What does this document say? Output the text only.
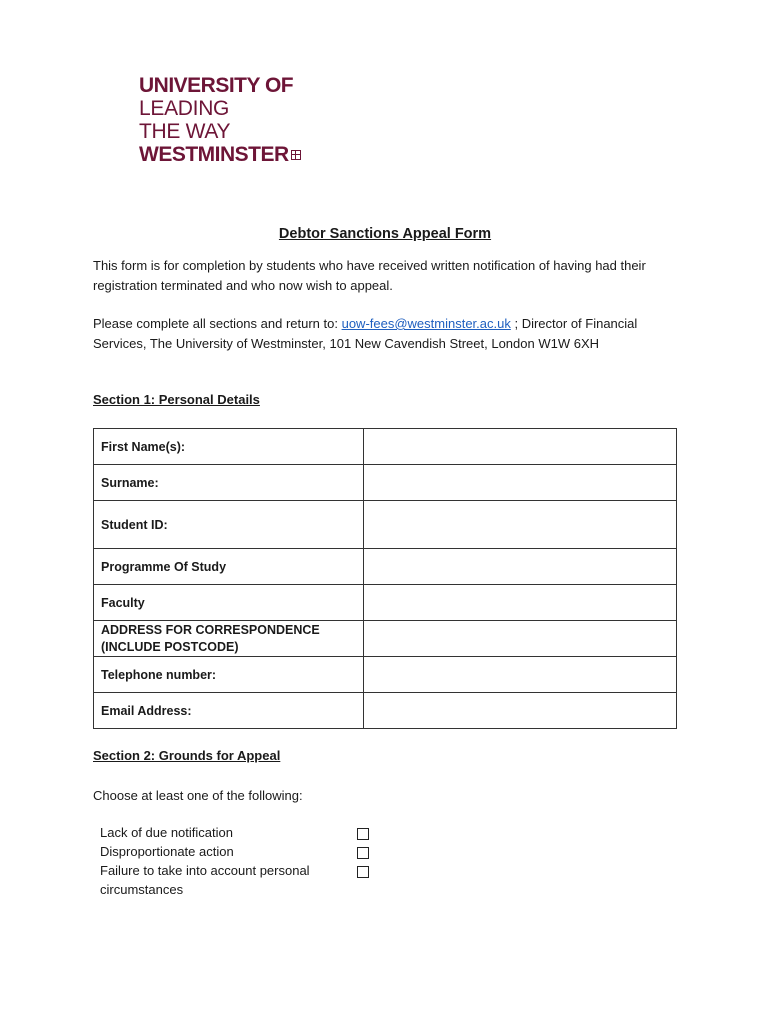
UNIVERSITY OF
LEADING
THE WAY
WESTMINSTER
Debtor Sanctions Appeal Form
This form is for completion by students who have received written notification of having had their registration terminated and who now wish to appeal.
Please complete all sections and return to: uow-fees@westminster.ac.uk ; Director of Financial Services, The University of Westminster, 101 New Cavendish Street, London W1W 6XH
Section 1: Personal Details
First Name(s):	
Surname:	
Student ID:	
Programme Of Study	
Faculty	
ADDRESS FOR CORRESPONDENCE (INCLUDE POSTCODE)	
Telephone number:	
Email Address:	
Section 2: Grounds for Appeal
Choose at least one of the following:
Lack of due notification
Disproportionate action
Failure to take into account personal circumstances
